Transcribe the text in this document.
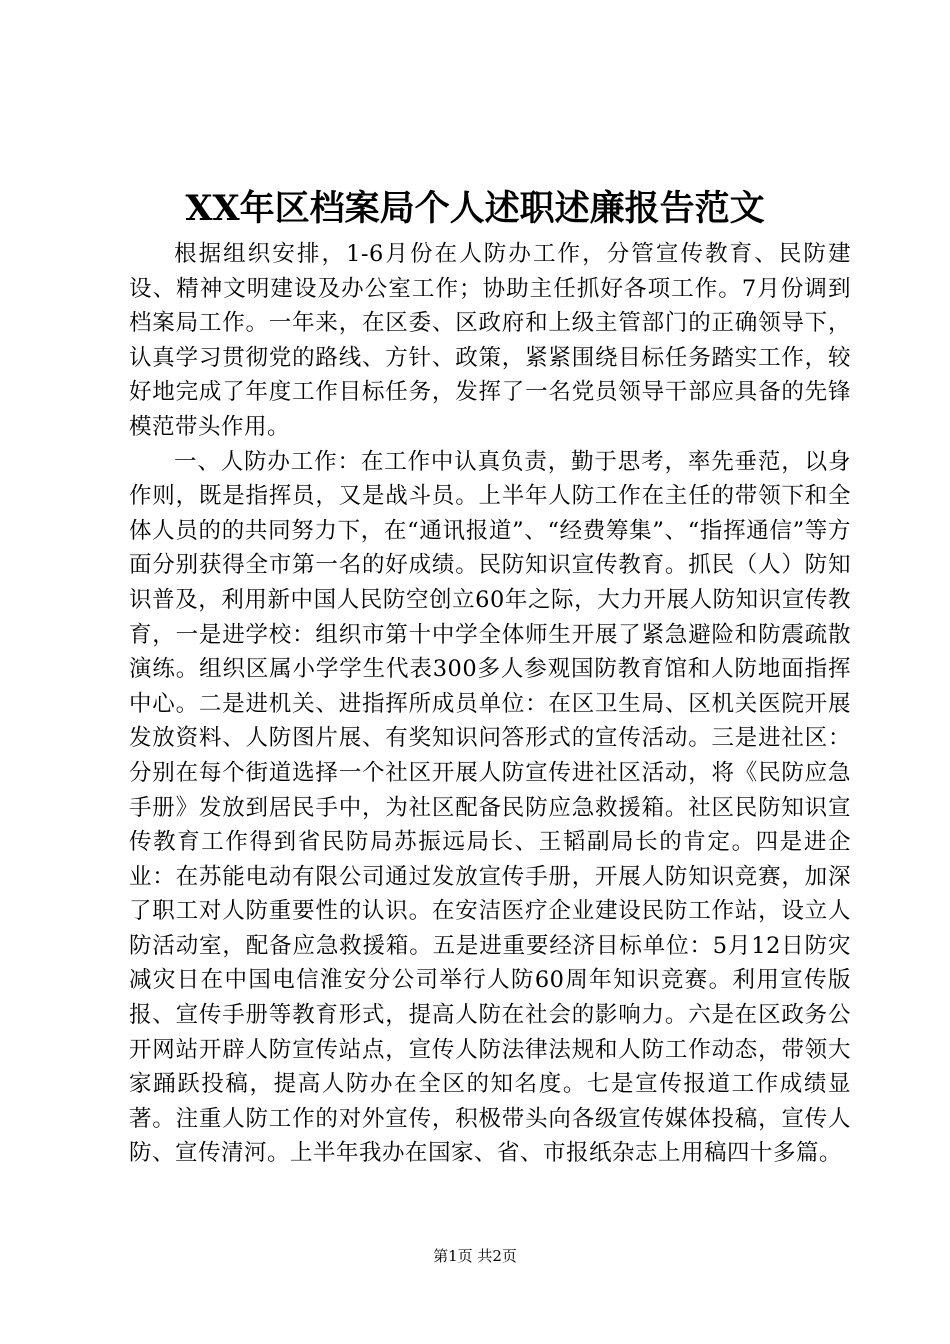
XX年区档案局个人述职述廉报告范文

根据组织安排，1-6月份在人防办工作，分管宣传教育、民防建设、精神文明建设及办公室工作；协助主任抓好各项工作。7月份调到档案局工作。一年来，在区委、区政府和上级主管部门的正确领导下，认真学习贯彻党的路线、方针、政策，紧紧围绕目标任务踏实工作，较好地完成了年度工作目标任务，发挥了一名党员领导干部应具备的先锋模范带头作用。

一、人防办工作：在工作中认真负责，勤于思考，率先垂范，以身作则，既是指挥员，又是战斗员。上半年人防工作在主任的带领下和全体人员的的共同努力下，在“通讯报道”、“经费筹集”、“指挥通信”等方面分别获得全市第一名的好成绩。民防知识宣传教育。抓民（人）防知识普及，利用新中国人民防空创立60年之际，大力开展人防知识宣传教育，一是进学校：组织市第十中学全体师生开展了紧急避险和防震疏散演练。组织区属小学学生代表300多人参观国防教育馆和人防地面指挥中心。二是进机关、进指挥所成员单位：在区卫生局、区机关医院开展发放资料、人防图片展、有奖知识问答形式的宣传活动。三是进社区：分别在每个街道选择一个社区开展人防宣传进社区活动，将《民防应急手册》发放到居民手中，为社区配备民防应急救援箱。社区民防知识宣传教育工作得到省民防局苏振远局长、王韬副局长的肯定。四是进企业：在苏能电动有限公司通过发放宣传手册，开展人防知识竞赛，加深了职工对人防重要性的认识。在安洁医疗企业建设民防工作站，设立人防活动室，配备应急救援箱。五是进重要经济目标单位：5月12日防灾减灾日在中国电信淮安分公司举行人防60周年知识竞赛。利用宣传版报、宣传手册等教育形式，提高人防在社会的影响力。六是在区政务公开网站开辟人防宣传站点，宣传人防法律法规和人防工作动态，带领大家踊跃投稿，提高人防办在全区的知名度。七是宣传报道工作成绩显著。注重人防工作的对外宣传，积极带头向各级宣传媒体投稿，宣传人防、宣传清河。上半年我办在国家、省、市报纸杂志上用稿四十多篇。

第1页 共2页
